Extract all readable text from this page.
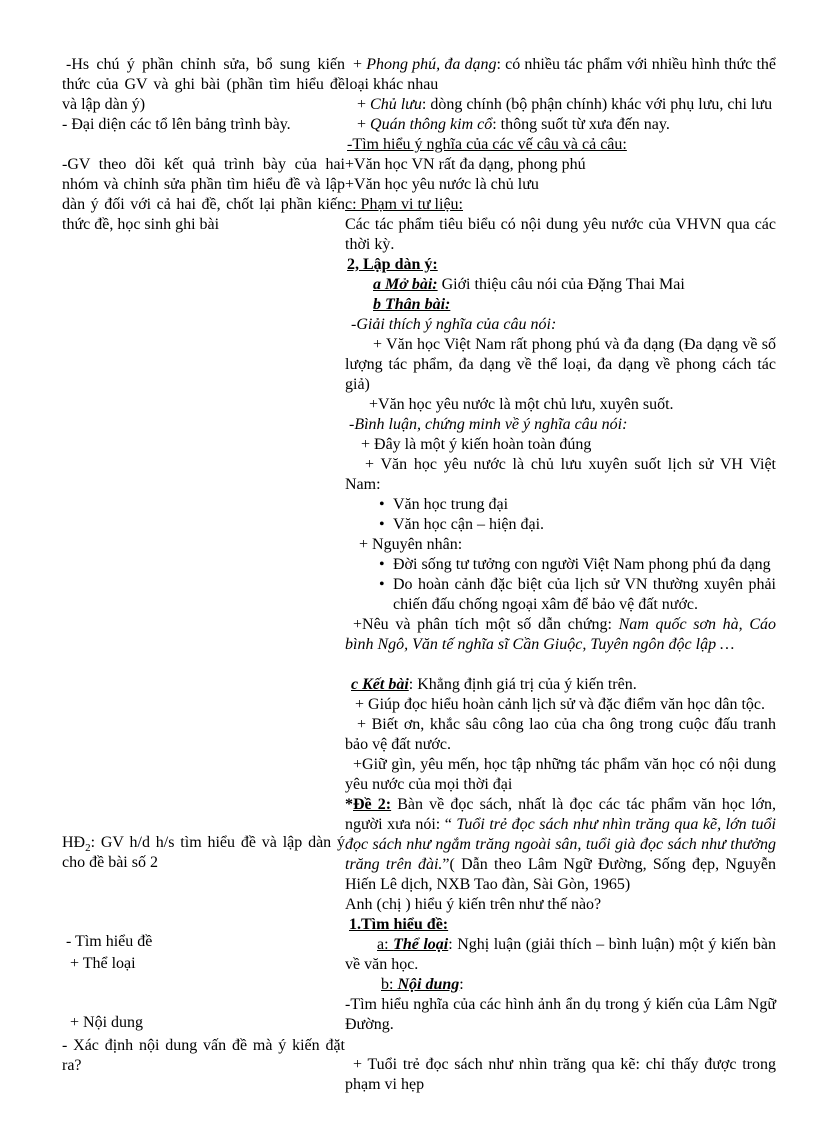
-Hs chú ý phần chỉnh sửa, bổ sung kiến thức của GV và ghi bài (phần tìm hiểu đề và lập dàn ý)

- Đại diện các tổ lên bảng trình bày.

-GV theo dõi kết quả trình bày của hai nhóm và chỉnh sửa phần tìm hiểu đề và lập dàn ý đối với cả hai đề, chốt lại phần kiến thức đề, học sinh ghi bài

$HĐ_2$: GV h/d h/s tìm hiểu đề và lập dàn ý cho đề bài số 2

- Tìm hiểu đề

+ Thể loại

+ Nội dung

- Xác định nội dung vấn đề mà ý kiến đặt ra?

+ Phong phú, đa dạng: có nhiều tác phẩm với nhiều hình thức thể loại khác nhau

+ Chủ lưu: dòng chính (bộ phận chính) khác với phụ lưu, chi lưu

+ Quán thông kim cổ: thông suốt từ xưa đến nay.

-Tìm hiểu ý nghĩa của các vế câu và cả câu:

+Văn học VN rất đa dạng, phong phú

+Văn học yêu nước là chủ lưu

c: Phạm vi tư liệu:

Các tác phẩm tiêu biểu có nội dung yêu nước của VHVN qua các thời kỳ.

2, Lập dàn ý:

a Mở bài: Giới thiệu câu nói của Đặng Thai Mai

b Thân bài:

-Giải thích ý nghĩa của câu nói:

+ Văn học Việt Nam rất phong phú và đa dạng (Đa dạng về số lượng tác phẩm, đa dạng về thể loại, đa dạng về phong cách tác giả)

+Văn học yêu nước là một chủ lưu, xuyên suốt.

-Bình luận, chứng minh về ý nghĩa câu nói:

+ Đây là một ý kiến hoàn toàn đúng

+ Văn học yêu nước là chủ lưu xuyên suốt lịch sử VH Việt Nam:

• Văn học trung đại

• Văn học cận – hiện đại.

+ Nguyên nhân:

• Đời sống tư tưởng con người Việt Nam phong phú đa dạng

• Do hoàn cảnh đặc biệt của lịch sử VN thường xuyên phải chiến đấu chống ngoại xâm để bảo vệ đất nước.

+Nêu và phân tích một số dẫn chứng: Nam quốc sơn hà, Cáo bình Ngô, Văn tế nghĩa sĩ Cần Giuộc, Tuyên ngôn độc lập …

c Kết bài: Khẳng định giá trị của ý kiến trên.

+ Giúp đọc hiểu hoàn cảnh lịch sử và đặc điểm văn học dân tộc.

+ Biết ơn, khắc sâu công lao của cha ông trong cuộc đấu tranh bảo vệ đất nước.

+Giữ gìn, yêu mến, học tập những tác phẩm văn học có nội dung yêu nước của mọi thời đại

*Đề 2: Bàn về đọc sách, nhất là đọc các tác phẩm văn học lớn, người xưa nói: “ Tuổi trẻ đọc sách như nhìn trăng qua kẽ, lớn tuổi đọc sách như ngắm trăng ngoài sân, tuổi già đọc sách như thưởng trăng trên đài.”( Dẫn theo Lâm Ngữ Đường, Sống đẹp, Nguyễn Hiến Lê dịch, NXB Tao đàn, Sài Gòn, 1965)

Anh (chị ) hiểu ý kiến trên như thế nào?

1.Tìm hiểu đề:

a: Thể loại: Nghị luận (giải thích – bình luận) một ý kiến bàn về văn học.

b: Nội dung:

-Tìm hiểu nghĩa của các hình ảnh ẩn dụ trong ý kiến của Lâm Ngữ Đường.

+ Tuổi trẻ đọc sách như nhìn trăng qua kẽ: chỉ thấy được trong phạm vi hẹp
